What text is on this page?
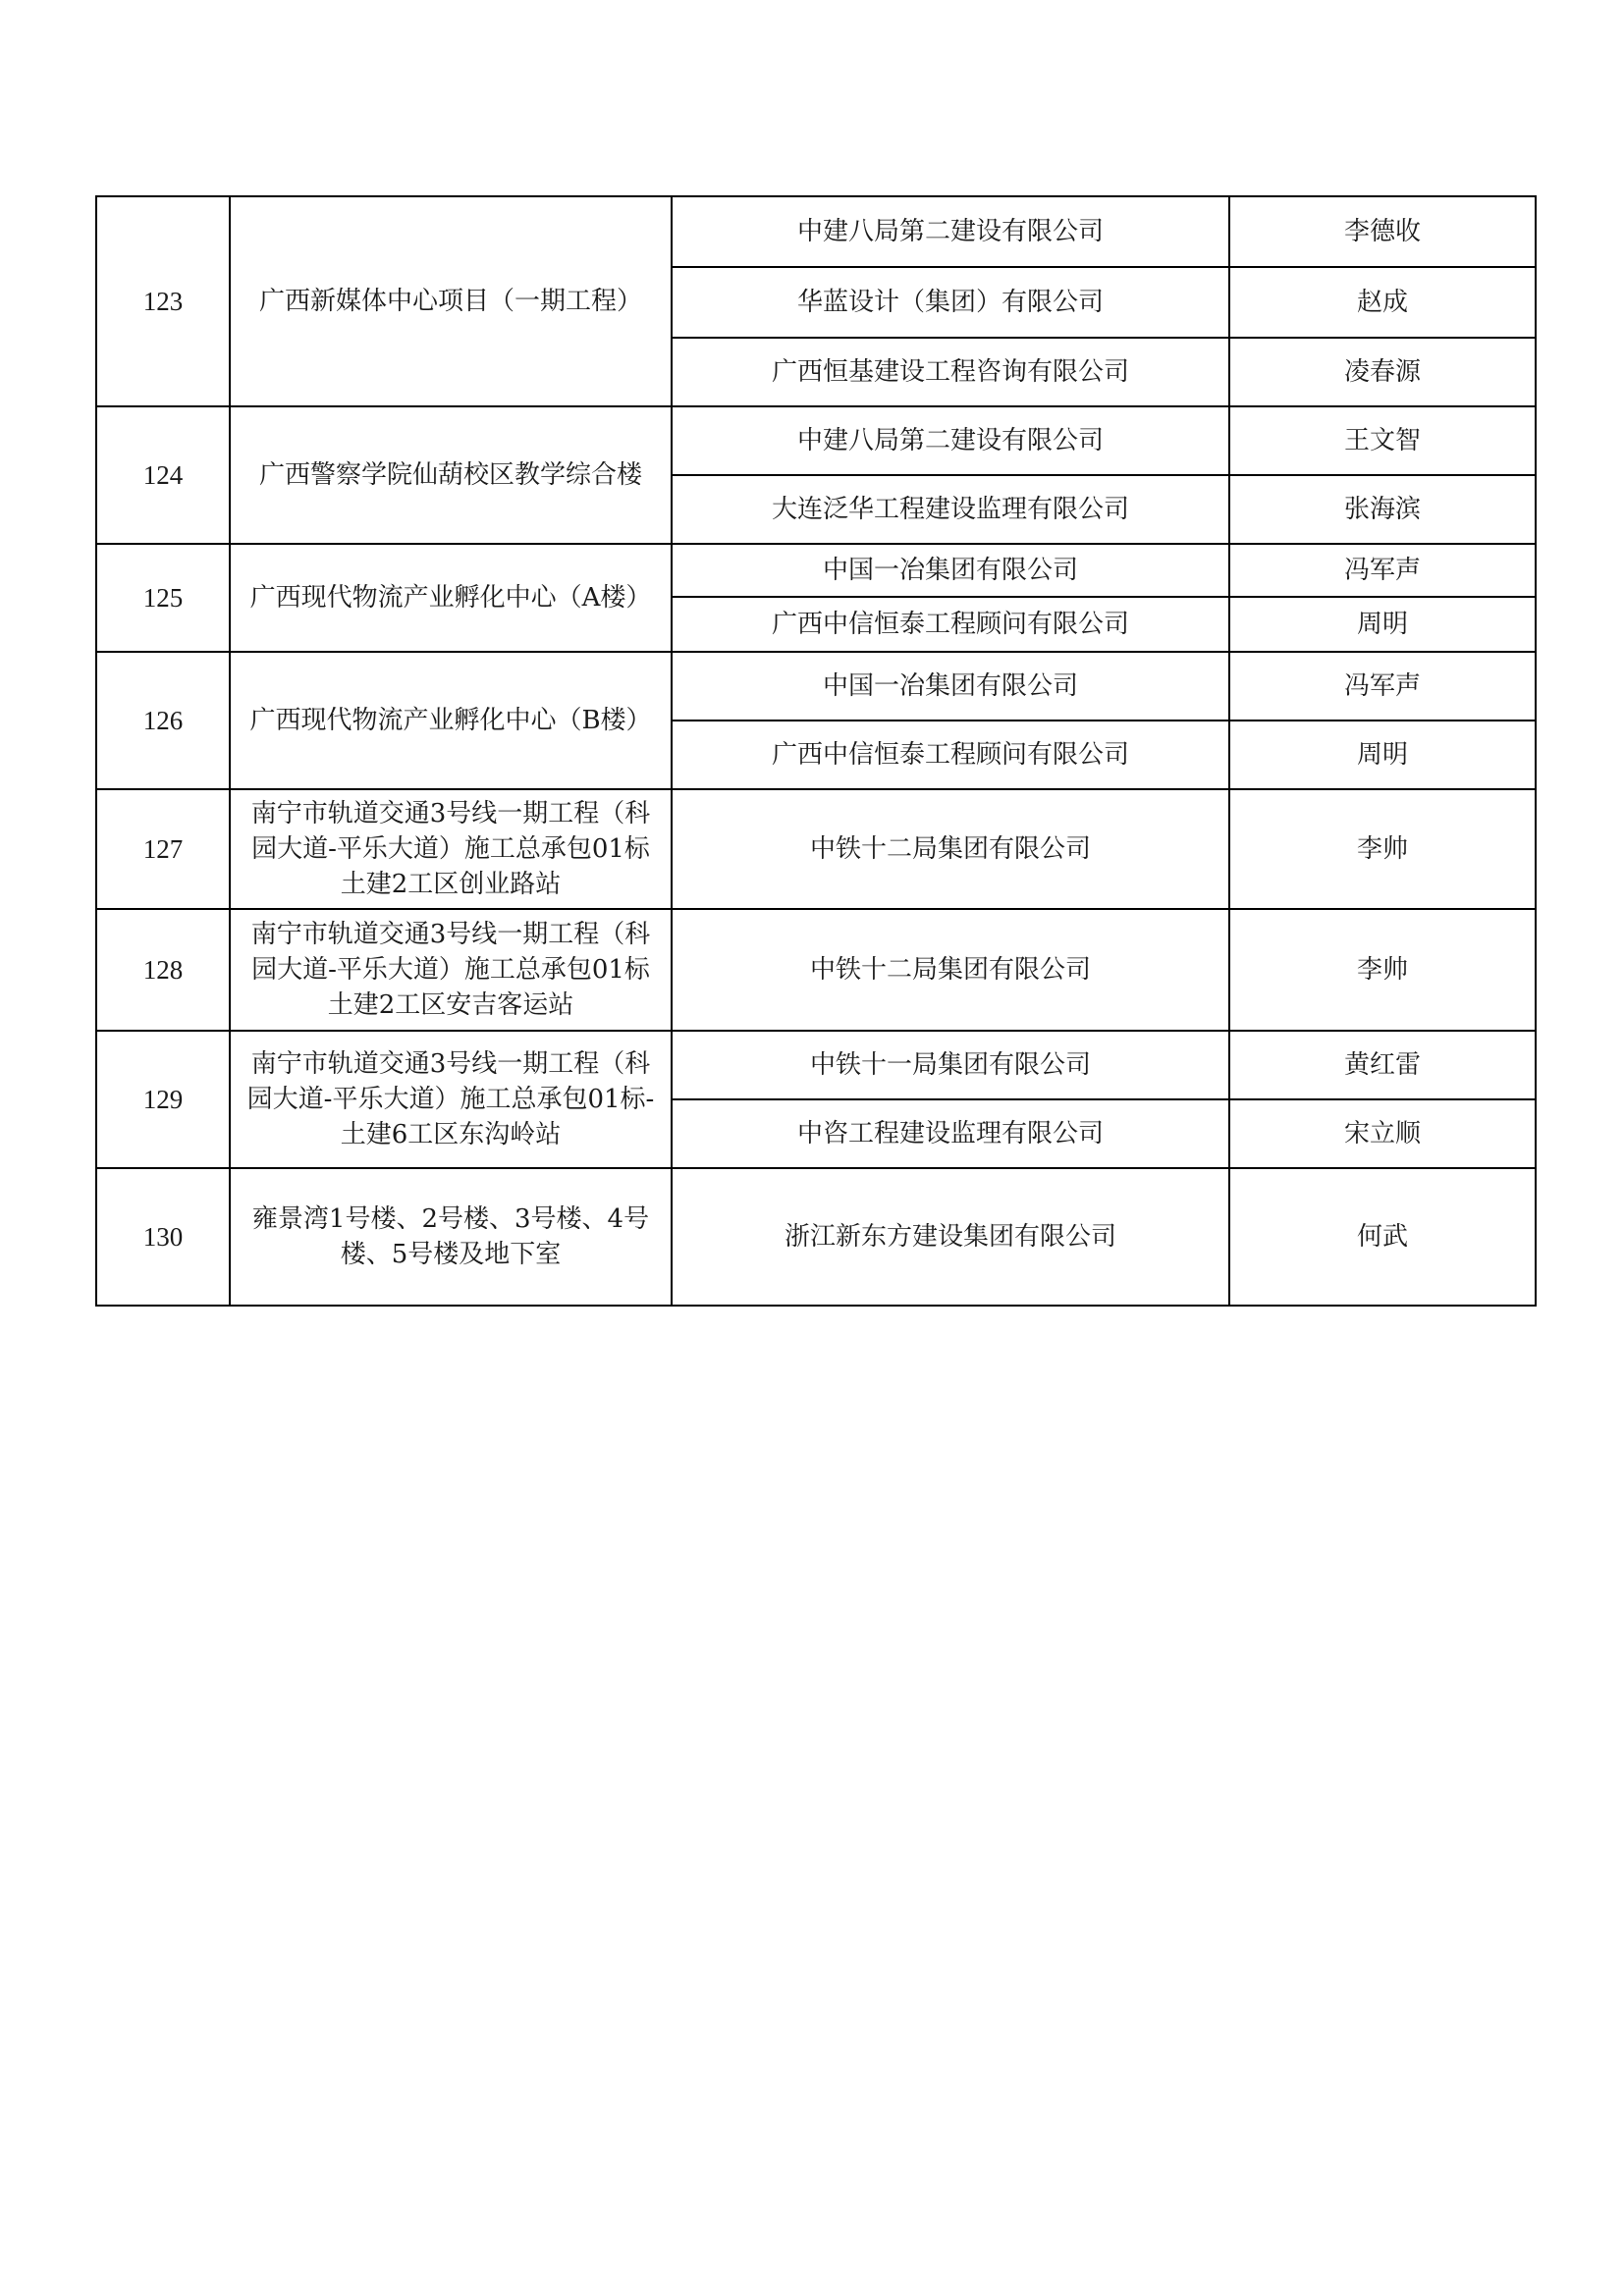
123	广西新媒体中心项目（一期工程）	中建八局第二建设有限公司	李德收
		华蓝设计（集团）有限公司	赵成
		广西恒基建设工程咨询有限公司	凌春源
124	广西警察学院仙葫校区教学综合楼	中建八局第二建设有限公司	王文智
		大连泛华工程建设监理有限公司	张海滨
125	广西现代物流产业孵化中心（A楼）	中国一冶集团有限公司	冯军声
		广西中信恒泰工程顾问有限公司	周明
126	广西现代物流产业孵化中心（B楼）	中国一冶集团有限公司	冯军声
		广西中信恒泰工程顾问有限公司	周明
127	南宁市轨道交通3号线一期工程（科园大道-平乐大道）施工总承包01标土建2工区创业路站	中铁十二局集团有限公司	李帅
128	南宁市轨道交通3号线一期工程（科园大道-平乐大道）施工总承包01标土建2工区安吉客运站	中铁十二局集团有限公司	李帅
129	南宁市轨道交通3号线一期工程（科园大道-平乐大道）施工总承包01标-土建6工区东沟岭站	中铁十一局集团有限公司	黄红雷
		中咨工程建设监理有限公司	宋立顺
130	雍景湾1号楼、2号楼、3号楼、4号楼、5号楼及地下室	浙江新东方建设集团有限公司	何武
